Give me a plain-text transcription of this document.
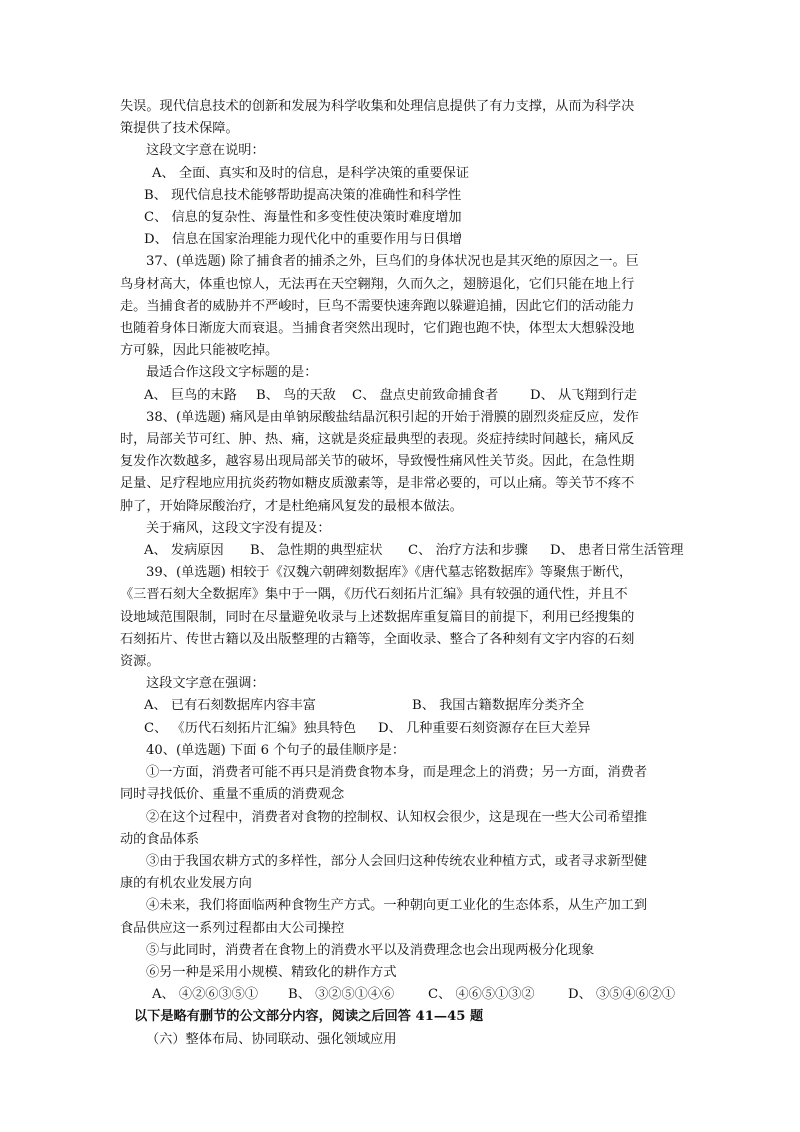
失误。现代信息技术的创新和发展为科学收集和处理信息提供了有力支撑，从而为科学决

策提供了技术保障。

这段文字意在说明：

A、 全面、真实和及时的信息，是科学决策的重要保证

B、 现代信息技术能够帮助提高决策的准确性和科学性

C、 信息的复杂性、海量性和多变性使决策时难度增加

D、 信息在国家治理能力现代化中的重要作用与日俱增

37、(单选题) 除了捕食者的捕杀之外，巨鸟们的身体状况也是其灭绝的原因之一。巨

鸟身材高大，体重也惊人，无法再在天空翱翔，久而久之，翅膀退化，它们只能在地上行

走。当捕食者的威胁并不严峻时，巨鸟不需要快速奔跑以躲避追捕，因此它们的活动能力

也随着身体日渐庞大而衰退。当捕食者突然出现时，它们跑也跑不快，体型太大想躲没地

方可躲，因此只能被吃掉。

最适合作这段文字标题的是：

A、 巨鸟的末路	B、 鸟的天敌	C、 盘点史前致命捕食者	D、 从飞翔到行走

38、(单选题) 痛风是由单钠尿酸盐结晶沉积引起的开始于滑膜的剧烈炎症反应，发作

时，局部关节可红、肿、热、痛，这就是炎症最典型的表现。炎症持续时间越长，痛风反

复发作次数越多，越容易出现局部关节的破坏，导致慢性痛风性关节炎。因此，在急性期

足量、足疗程地应用抗炎药物如糖皮质激素等，是非常必要的，可以止痛。等关节不疼不

肿了，开始降尿酸治疗，才是杜绝痛风复发的最根本做法。

关于痛风，这段文字没有提及：

A、 发病原因	B、 急性期的典型症状	C、 治疗方法和步骤	D、 患者日常生活管理

39、(单选题) 相较于《汉魏六朝碑刻数据库》《唐代墓志铭数据库》等聚焦于断代，

《三晋石刻大全数据库》集中于一隅，《历代石刻拓片汇编》具有较强的通代性，并且不

设地域范围限制，同时在尽量避免收录与上述数据库重复篇目的前提下，利用已经搜集的

石刻拓片、传世古籍以及出版整理的古籍等，全面收录、整合了各种刻有文字内容的石刻

资源。

这段文字意在强调：

A、 已有石刻数据库内容丰富	B、 我国古籍数据库分类齐全
C、 《历代石刻拓片汇编》独具特色	D、 几种重要石刻资源存在巨大差异

40、(单选题) 下面 6 个句子的最佳顺序是：

①一方面，消费者可能不再只是消费食物本身，而是理念上的消费；另一方面，消费者

同时寻找低价、重量不重质的消费观念

②在这个过程中，消费者对食物的控制权、认知权会很少，这是现在一些大公司希望推

动的食品体系

③由于我国农耕方式的多样性，部分人会回归这种传统农业种植方式，或者寻求新型健

康的有机农业发展方向

④未来，我们将面临两种食物生产方式。一种朝向更工业化的生态体系，从生产加工到

食品供应这一系列过程都由大公司操控

⑤与此同时，消费者在食物上的消费水平以及消费理念也会出现两极分化现象

⑥另一种是采用小规模、精致化的耕作方式

A、 ④②⑥③⑤①	B、 ③②⑤①④⑥	C、 ④⑥⑤①③②	D、 ③⑤④⑥②①

以下是略有删节的公文部分内容，阅读之后回答 41—45 题

（六）整体布局、协同联动、强化领域应用
